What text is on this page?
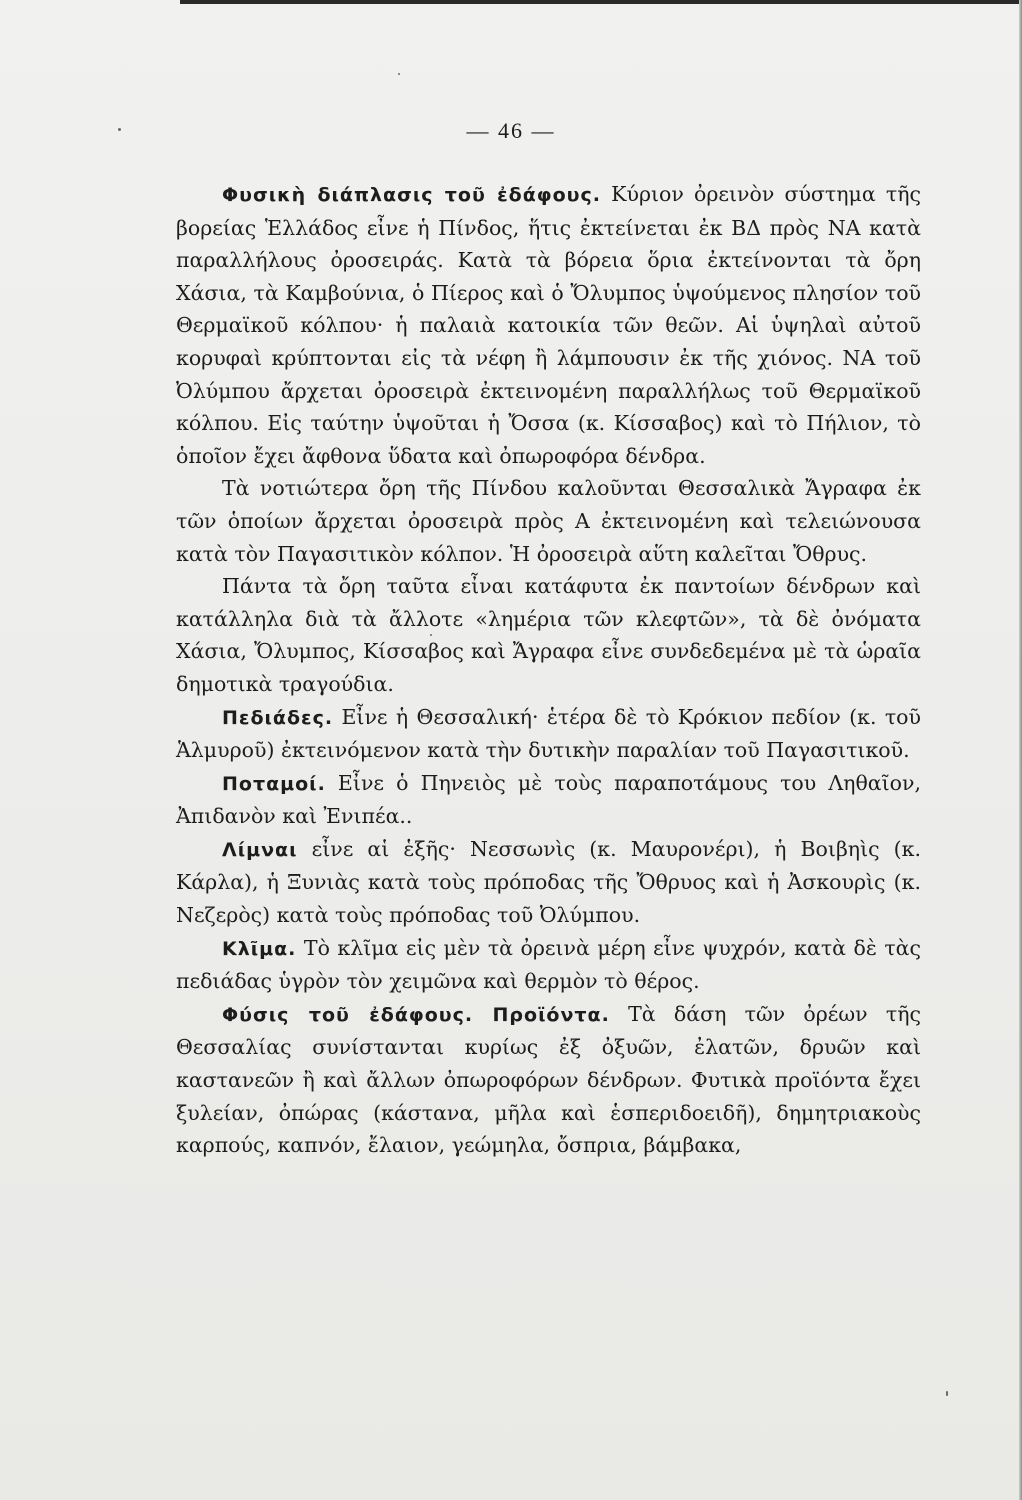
— 46 —

Φυσικὴ διάπλασις τοῦ ἐδάφους. Κύριον ὀρεινὸν σύστημα τῆς βορείας Ἑλλάδος εἶνε ἡ Πίνδος, ἥτις ἐκτείνεται ἐκ ΒΔ πρὸς ΝΑ κατὰ παραλλήλους ὀροσειράς. Κατὰ τὰ βόρεια ὅρια ἐκτείνονται τὰ ὄρη Χάσια, τὰ Καμβούνια, ὁ Πίερος καὶ ὁ Ὄλυμπος ὑψούμενος πλησίον τοῦ Θερμαϊκοῦ κόλπου· ἡ παλαιὰ κατοικία τῶν θεῶν. Αἱ ὑψηλαὶ αὐτοῦ κορυφαὶ κρύπτονται εἰς τὰ νέφη ἢ λάμπουσιν ἐκ τῆς χιόνος. ΝΑ τοῦ Ὀλύμπου ἄρχεται ὀροσειρὰ ἐκτεινομένη παραλλήλως τοῦ Θερμαϊκοῦ κόλπου. Εἰς ταύτην ὑψοῦται ἡ Ὄσσα (κ. Κίσσαβος) καὶ τὸ Πήλιον, τὸ ὁποῖον ἔχει ἄφθονα ὕδατα καὶ ὀπωροφόρα δένδρα.

Τὰ νοτιώτερα ὄρη τῆς Πίνδου καλοῦνται Θεσσαλικὰ Ἄγραφα ἐκ τῶν ὁποίων ἄρχεται ὀροσειρὰ πρὸς Α ἐκτεινομένη καὶ τελειώνουσα κατὰ τὸν Παγασιτικὸν κόλπον. Ἡ ὀροσειρὰ αὕτη καλεῖται Ὄθρυς.

Πάντα τὰ ὄρη ταῦτα εἶναι κατάφυτα ἐκ παντοίων δένδρων καὶ κατάλληλα διὰ τὰ ἄλλοτε «λημέρια τῶν κλεφτῶν», τὰ δὲ ὀνόματα Χάσια, Ὄλυμπος, Κίσσαβος καὶ Ἄγραφα εἶνε συνδεδεμένα μὲ τὰ ὡραῖα δημοτικὰ τραγούδια.

Πεδιάδες. Εἶνε ἡ Θεσσαλική· ἑτέρα δὲ τὸ Κρόκιον πεδίον (κ. τοῦ Ἁλμυροῦ) ἐκτεινόμενον κατὰ τὴν δυτικὴν παραλίαν τοῦ Παγασιτικοῦ.

Ποταμοί. Εἶνε ὁ Πηνειὸς μὲ τοὺς παραποτάμους του Ληθαῖον, Ἀπιδανὸν καὶ Ἐνιπέα..

Λίμναι εἶνε αἱ ἑξῆς· Νεσσωνὶς (κ. Μαυρονέρι), ἡ Βοιβηὶς (κ. Κάρλα), ἡ Ξυνιὰς κατὰ τοὺς πρόποδας τῆς Ὄθρυος καὶ ἡ Ἀσκουρὶς (κ. Νεζερὸς) κατὰ τοὺς πρόποδας τοῦ Ὀλύμπου.

Κλῖμα. Τὸ κλῖμα εἰς μὲν τὰ ὀρεινὰ μέρη εἶνε ψυχρόν, κατὰ δὲ τὰς πεδιάδας ὑγρὸν τὸν χειμῶνα καὶ θερμὸν τὸ θέρος.

Φύσις τοῦ ἐδάφους. Προϊόντα. Τὰ δάση τῶν ὀρέων τῆς Θεσσαλίας συνίστανται κυρίως ἐξ ὀξυῶν, ἐλατῶν, δρυῶν καὶ καστανεῶν ἢ καὶ ἄλλων ὀπωροφόρων δένδρων. Φυτικὰ προϊόντα ἔχει ξυλείαν, ὀπώρας (κάστανα, μῆλα καὶ ἑσπεριδοειδῆ), δημητριακοὺς καρπούς, καπνόν, ἔλαιον, γεώμηλα, ὄσπρια, βάμβακα,
